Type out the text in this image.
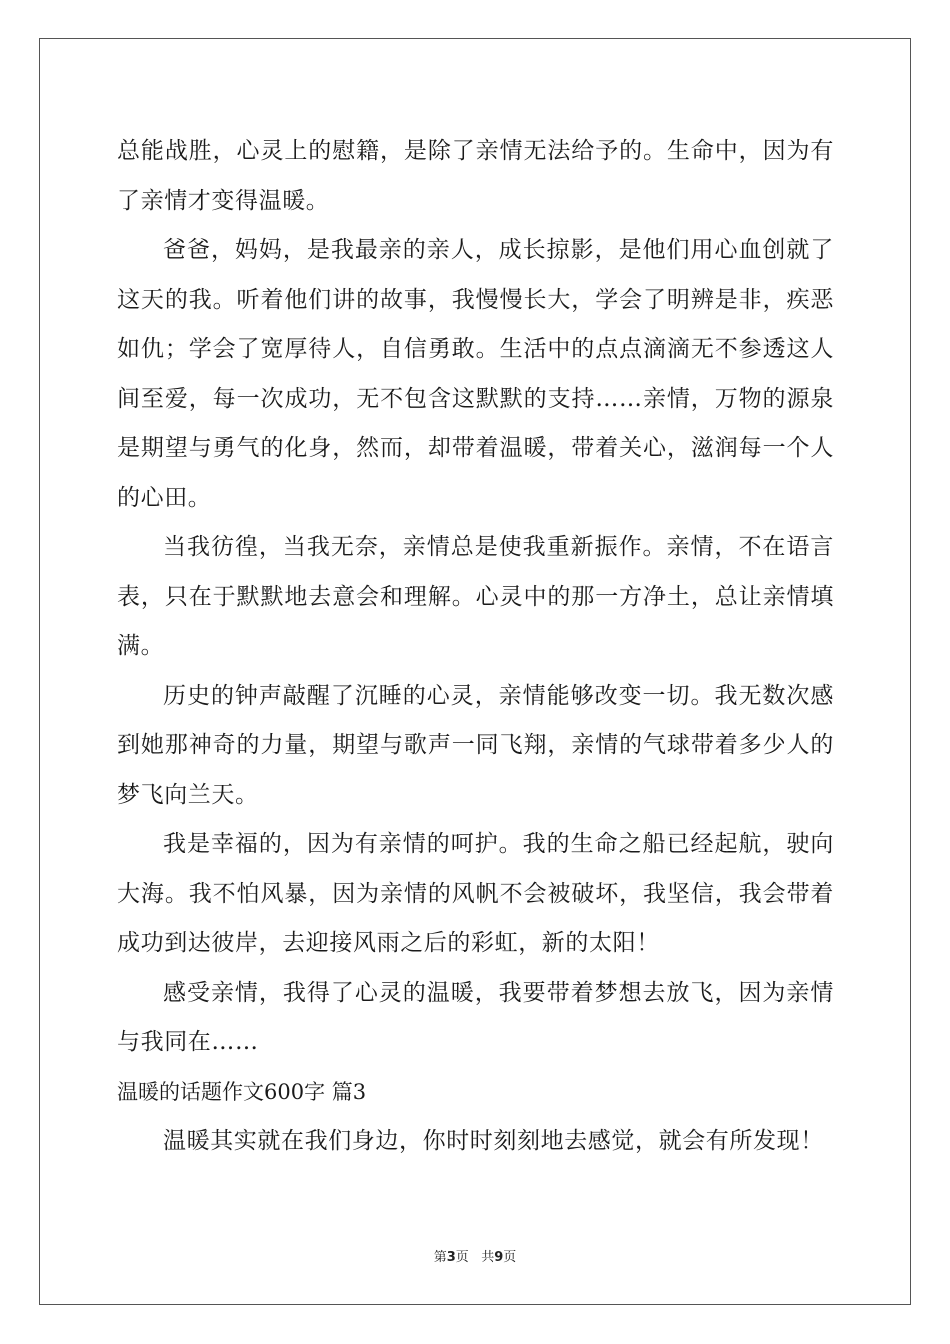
总能战胜，心灵上的慰籍，是除了亲情无法给予的。生命中，因为有了亲情才变得温暖。

爸爸，妈妈，是我最亲的亲人，成长掠影，是他们用心血创就了这天的我。听着他们讲的故事，我慢慢长大，学会了明辨是非，疾恶如仇；学会了宽厚待人，自信勇敢。生活中的点点滴滴无不参透这人间至爱，每一次成功，无不包含这默默的支持……亲情，万物的源泉是期望与勇气的化身，然而，却带着温暖，带着关心，滋润每一个人的心田。

当我彷徨，当我无奈，亲情总是使我重新振作。亲情，不在语言表，只在于默默地去意会和理解。心灵中的那一方净土，总让亲情填满。

历史的钟声敲醒了沉睡的心灵，亲情能够改变一切。我无数次感到她那神奇的力量，期望与歌声一同飞翔，亲情的气球带着多少人的梦飞向兰天。

我是幸福的，因为有亲情的呵护。我的生命之船已经起航，驶向大海。我不怕风暴，因为亲情的风帆不会被破坏，我坚信，我会带着成功到达彼岸，去迎接风雨之后的彩虹，新的太阳！

感受亲情，我得了心灵的温暖，我要带着梦想去放飞，因为亲情与我同在……

温暖的话题作文600字 篇3

温暖其实就在我们身边，你时时刻刻地去感觉，就会有所发现！

第3页 共9页
